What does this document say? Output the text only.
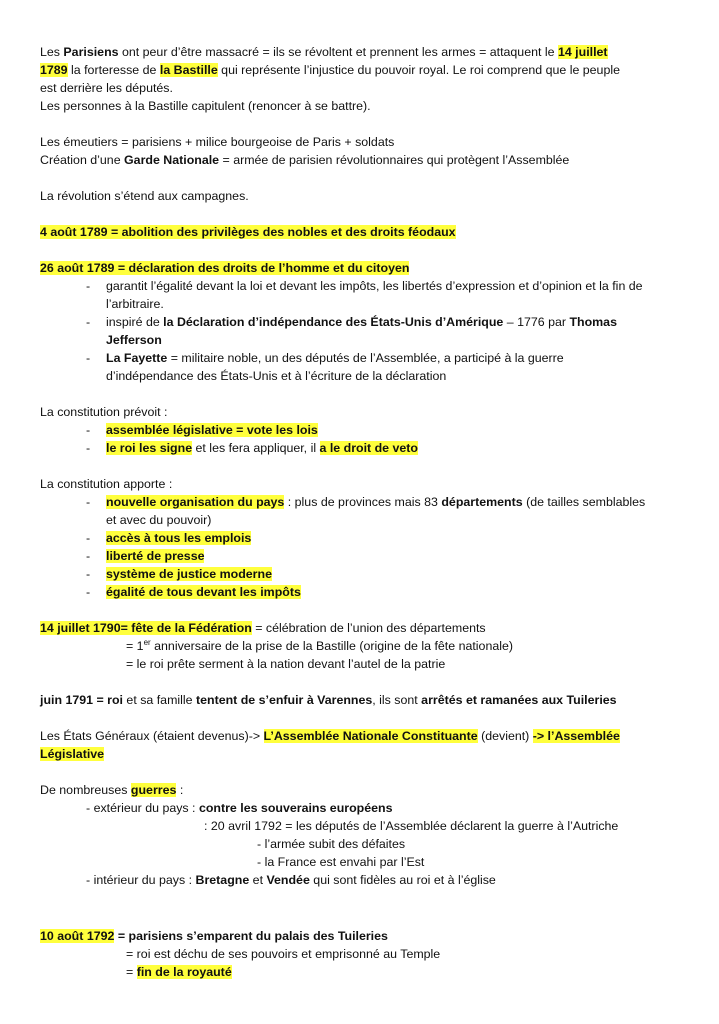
Les Parisiens ont peur d’être massacré = ils se révoltent et prennent les armes = attaquent le 14 juillet
1789 la forteresse de la Bastille qui représente l’injustice du pouvoir royal. Le roi comprend que le peuple
est derrière les députés.
Les personnes à la Bastille capitulent (renoncer à se battre).
Les émeutiers = parisiens + milice bourgeoise de Paris + soldats
Création d’une Garde Nationale = armée de parisien révolutionnaires qui protègent l’Assemblée
La révolution s’étend aux campagnes.
4 août 1789 = abolition des privilèges des nobles et des droits féodaux
26 août 1789 = déclaration des droits de l’homme et du citoyen
- garantit l’égalité devant la loi et devant les impôts, les libertés d’expression et d’opinion et la fin de l’arbitraire.
- inspiré de la Déclaration d’indépendance des États-Unis d’Amérique – 1776 par Thomas
Jefferson
- La Fayette = militaire noble, un des députés de l’Assemblée, a participé à la guerre
d’indépendance des États-Unis et à l’écriture de la déclaration
La constitution prévoit :
- assemblée législative = vote les lois
- le roi les signe et les fera appliquer, il a le droit de veto
La constitution apporte :
- nouvelle organisation du pays : plus de provinces mais 83 départements (de tailles semblables
et avec du pouvoir)
- accès à tous les emplois
- liberté de presse
- système de justice moderne
- égalité de tous devant les impôts
14 juillet 1790= fête de la Fédération = célébration de l’union des départements
= 1er anniversaire de la prise de la Bastille (origine de la fête nationale)
= le roi prête serment à la nation devant l’autel de la patrie
juin 1791 = roi et sa famille tentent de s’enfuir à Varennes, ils sont arrêtés et ramanées aux Tuileries
Les États Généraux (étaient devenus)-> L’Assemblée Nationale Constituante (devient) -> l’Assemblée
Législative
De nombreuses guerres :
- extérieur du pays : contre les souverains européens
: 20 avril 1792 = les députés de l’Assemblée déclarent la guerre à l’Autriche
- l’armée subit des défaites
- la France est envahi par l’Est
- intérieur du pays : Bretagne et Vendée qui sont fidèles au roi et à l’église
10 août 1792 = parisiens s’emparent du palais des Tuileries
= roi est déchu de ses pouvoirs et emprisonné au Temple
= fin de la royauté
